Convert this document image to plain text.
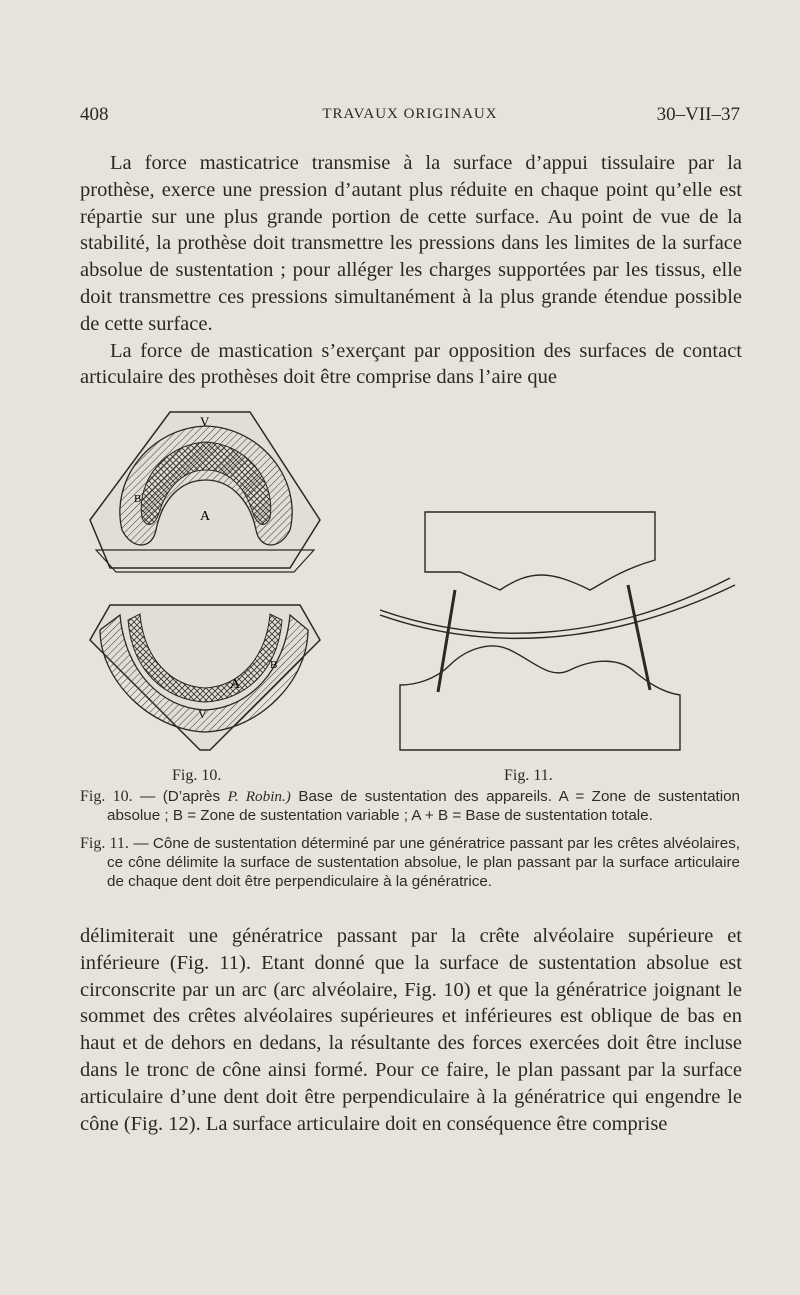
408	TRAVAUX ORIGINAUX	30–VII–37

La force masticatrice transmise à la surface d’appui tissulaire par la prothèse, exerce une pression d’autant plus réduite en chaque point qu’elle est répartie sur une plus grande portion de cette surface. Au point de vue de la stabilité, la prothèse doit transmettre les pressions dans les limites de la surface absolue de sustentation ; pour alléger les charges supportées par les tissus, elle doit transmettre ces pressions simultanément à la plus grande étendue possible de cette surface.

La force de mastication s’exerçant par opposition des surfaces de contact articulaire des prothèses doit être comprise dans l’aire que

V
A
B
V
A
B
Fig. 10.	Fig. 11.

Fig. 10. — (D’après P. Robin.) Base de sustentation des appareils. A = Zone de sustentation absolue ; B = Zone de sustentation variable ; A + B = Base de sustentation totale.

Fig. 11. — Cône de sustentation déterminé par une génératrice passant par les crêtes alvéolaires, ce cône délimite la surface de sustentation absolue, le plan passant par la surface articulaire de chaque dent doit être perpendiculaire à la génératrice.

délimiterait une génératrice passant par la crête alvéolaire supérieure et inférieure (Fig. 11). Etant donné que la surface de sustentation absolue est circonscrite par un arc (arc alvéolaire, Fig. 10) et que la génératrice joignant le sommet des crêtes alvéolaires supérieures et inférieures est oblique de bas en haut et de dehors en dedans, la résultante des forces exercées doit être incluse dans le tronc de cône ainsi formé. Pour ce faire, le plan passant par la surface articulaire d’une dent doit être perpendiculaire à la génératrice qui engendre le cône (Fig. 12). La surface articulaire doit en conséquence être comprise
